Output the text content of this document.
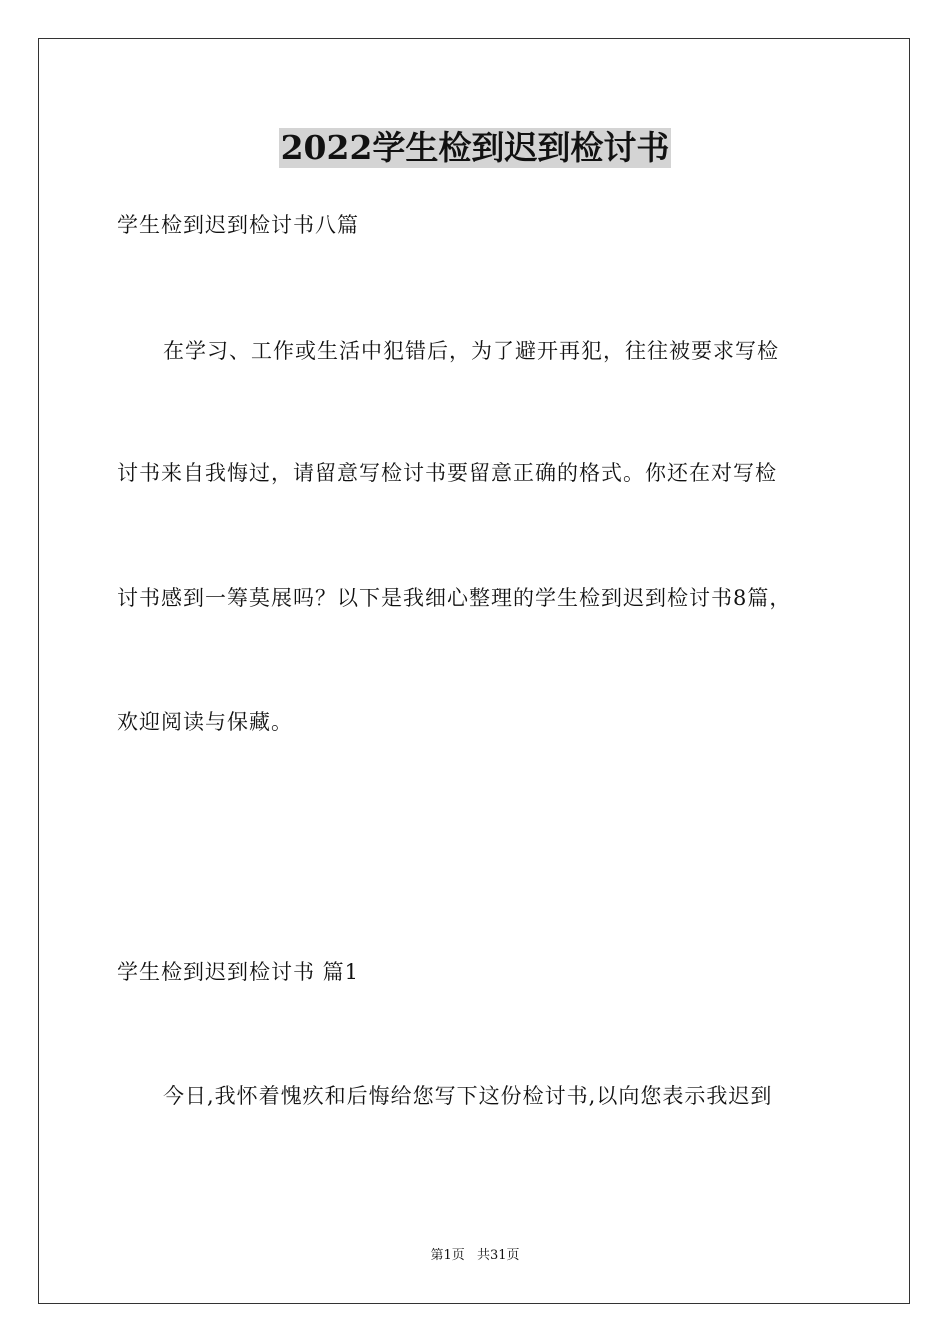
2022学生检到迟到检讨书
学生检到迟到检讨书八篇
在学习、工作或生活中犯错后，为了避开再犯，往往被要求写检
讨书来自我悔过，请留意写检讨书要留意正确的格式。你还在对写检
讨书感到一筹莫展吗？以下是我细心整理的学生检到迟到检讨书8篇，
欢迎阅读与保藏。
学生检到迟到检讨书 篇1
今日,我怀着愧疚和后悔给您写下这份检讨书,以向您表示我迟到
第1页 共31页
